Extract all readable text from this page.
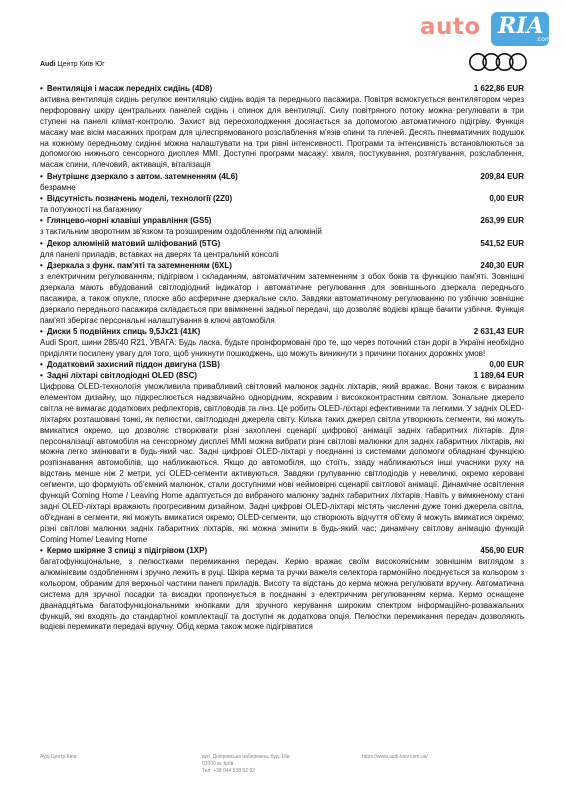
Audi Центр Київ Юг
auto RIA
.com
• Вентиляція і масаж передніх сидінь (4D8)	1 622,86 EUR
активна вентиляція сидінь регулює вентиляцію сидінь водія та переднього пасажира. Повітря всмоктується вентилятором через перфоровану шкіру центральних панелей сидінь і спинок для вентиляції. Силу повітряного потоку можна регулювати в три ступені на панелі клімат-контролю. Захист від переохолодження досягається за допомогою автоматичного підігріву. Функція масажу має вісім масажних програм для цілеспрямованого розслаблення м'язів спини та плечей. Десять пневматичних подушок на кожному передньому сидінні можна налаштувати на три рівні інтенсивності. Програми та інтенсивність встановлюються за допомогою нижнього сенсорного дисплея MMI. Доступні програми масажу: хвиля, постукування, розтягування, розслаблення, масаж спини, плечовий, активація, віталізація
• Внутрішнє дзеркало з автом. затемненням (4L6)	209,84 EUR
безрамне
• Відсутність позначень моделі, технології (2Z0)	0,00 EUR
та потужності на багажнику
• Глянцево-чорні клавіші управління (GS5)	263,99 EUR
з тактильним зворотним зв'язком та розширеним оздобленням під алюміній
• Декор алюміній матовий шліфований (5TG)	541,52 EUR
для панелі приладів, вставках на дверях та центральній консолі
• Дзеркала з функ. пам'яті та затемненням (6XL)	240,30 EUR
з електричним регулюванням, підігрівом і складанням, автоматичним затемненням з обох боків та функцією пам'яті. Зовнішні дзеркала мають вбудований світлодіодний індикатор і автоматичне регулювання для зовнішнього дзеркала переднього пасажира, а також опукле, плоске або асферичне дзеркальне скло. Завдяки автоматичному регулюванню по узбіччю зовнішнє дзеркало переднього пасажира складається при ввімкненні задньої передачі, що дозволяє водієві краще бачити узбіччя. Функція пам'яті зберігає персональні налаштування в ключі автомобіля
• Диски 5 подвійних спиць 9,5Jx21 (41K)	2 631,43 EUR
Audi Sport, шини 285/40 R21. УВАГА: Будь ласка, будьте проінформовані про те, що через поточний стан доріг в Україні необхідно приділяти посилену увагу для того, щоб уникнути пошкоджень, що можуть виникнути з причини поганих дорожніх умов!
• Додатковий захисний піддон двигуна (1SB)	0,00 EUR
• Задні ліхтарі світлодіодні OLED (8SC)	1 189,64 EUR
Цифрова OLED-технологія уможливила привабливий світловий малюнок задніх ліхтарів, який вражає. Вони також є виразним елементом дизайну, що підкреслюється надзвичайно однорідним, яскравим і висококонтрастним світлом. Зональне джерело світла не вимагає додаткових рефлекторів, світловодів та лінз. Це робить OLED-ліхтарі ефективними та легкими. У задніх OLED-ліхтарях розташовані тонкі, як пелюстки, світлодіодні джерела світу. Кілька таких джерел світла утворюють сегменти, які можуть вмикатися окремо, що дозволяє створювати різні захоплені сценарії цифрової анімації задніх габаритних ліхтарів. Для персоналізації автомобіля на сенсорному дисплеї MMI можна вибрати різні світлові малюнки для задніх габаритних ліхтарів, які можна легко змінювати в будь-який час. Задні цифрові OLED-ліхтарі у поєднанні із системами допомоги обладнані функцією розпізнавання автомобілів, що наближаються. Якщо до автомобіля, що стоїть, ззаду наближаються інші учасники руху на відстань менше ніж 2 метри, усі OLED-сегменти активуються. Завдяки групуванню світлодіодів у невеличкі, окремо керовані сегменти, що формують об'ємний малюнок, стали доступними нові неймовірні сценарії світлової анімації. Динамічне освітлення функцій Coming Home / Leaving Home адаптується до вибраного малюнку задніх габаритних ліхтарів. Навіть у вимкненому стані задні OLED-ліхтарі вражають прогресивним дизайном. Задні цифрові OLED-ліхтарі містять численні дуже тонкі джерела світла, об'єднані в сегменти, які можуть вмикатися окремо; OLED-сегменти, що створюють відчуття об'єму й можуть вмикатися окремо; різні світлові малюнки задніх габаритних ліхтарів, які можна змінити в будь-який час; динамічну світлову анімацію функцій Coming Home/ Leaving Home
• Кермо шкіряне 3 спиці з підігрівом (1XP)	456,90 EUR
багатофункціональне, з пелюстками перемикання передач. Кермо вражає своїм високоякісним зовнішнім виглядом з алюмінієвим оздобленням і зручно лежить в руці. Шкіра керма та ручки важеля селектора гармонійно поєднується за кольором з кольором, обраним для верхньої частини панелі приладів. Висоту та відстань до керма можна регулювати вручну. Автоматична система для зручної посадки та висадки пропонується в поєднанні з електричним регулюванням керма. Кермо оснащене дванадцятьма багатофункціональними кнопками для зручного керування широким спектром інформаційно-розважальних функцій, які входять до стандартної комплектації та доступні як додаткова опція. Пелюстки перемикання передач дозволяють водієві перемикати передачі вручну. Обід керма також може підігріватися
Ауді Центр Київ	вул. Дніпровська набережна, буд. 16в
02000 м. Київ
Тел: +38 044 538 92 92
https://www.audi-kiev.com.ua/
